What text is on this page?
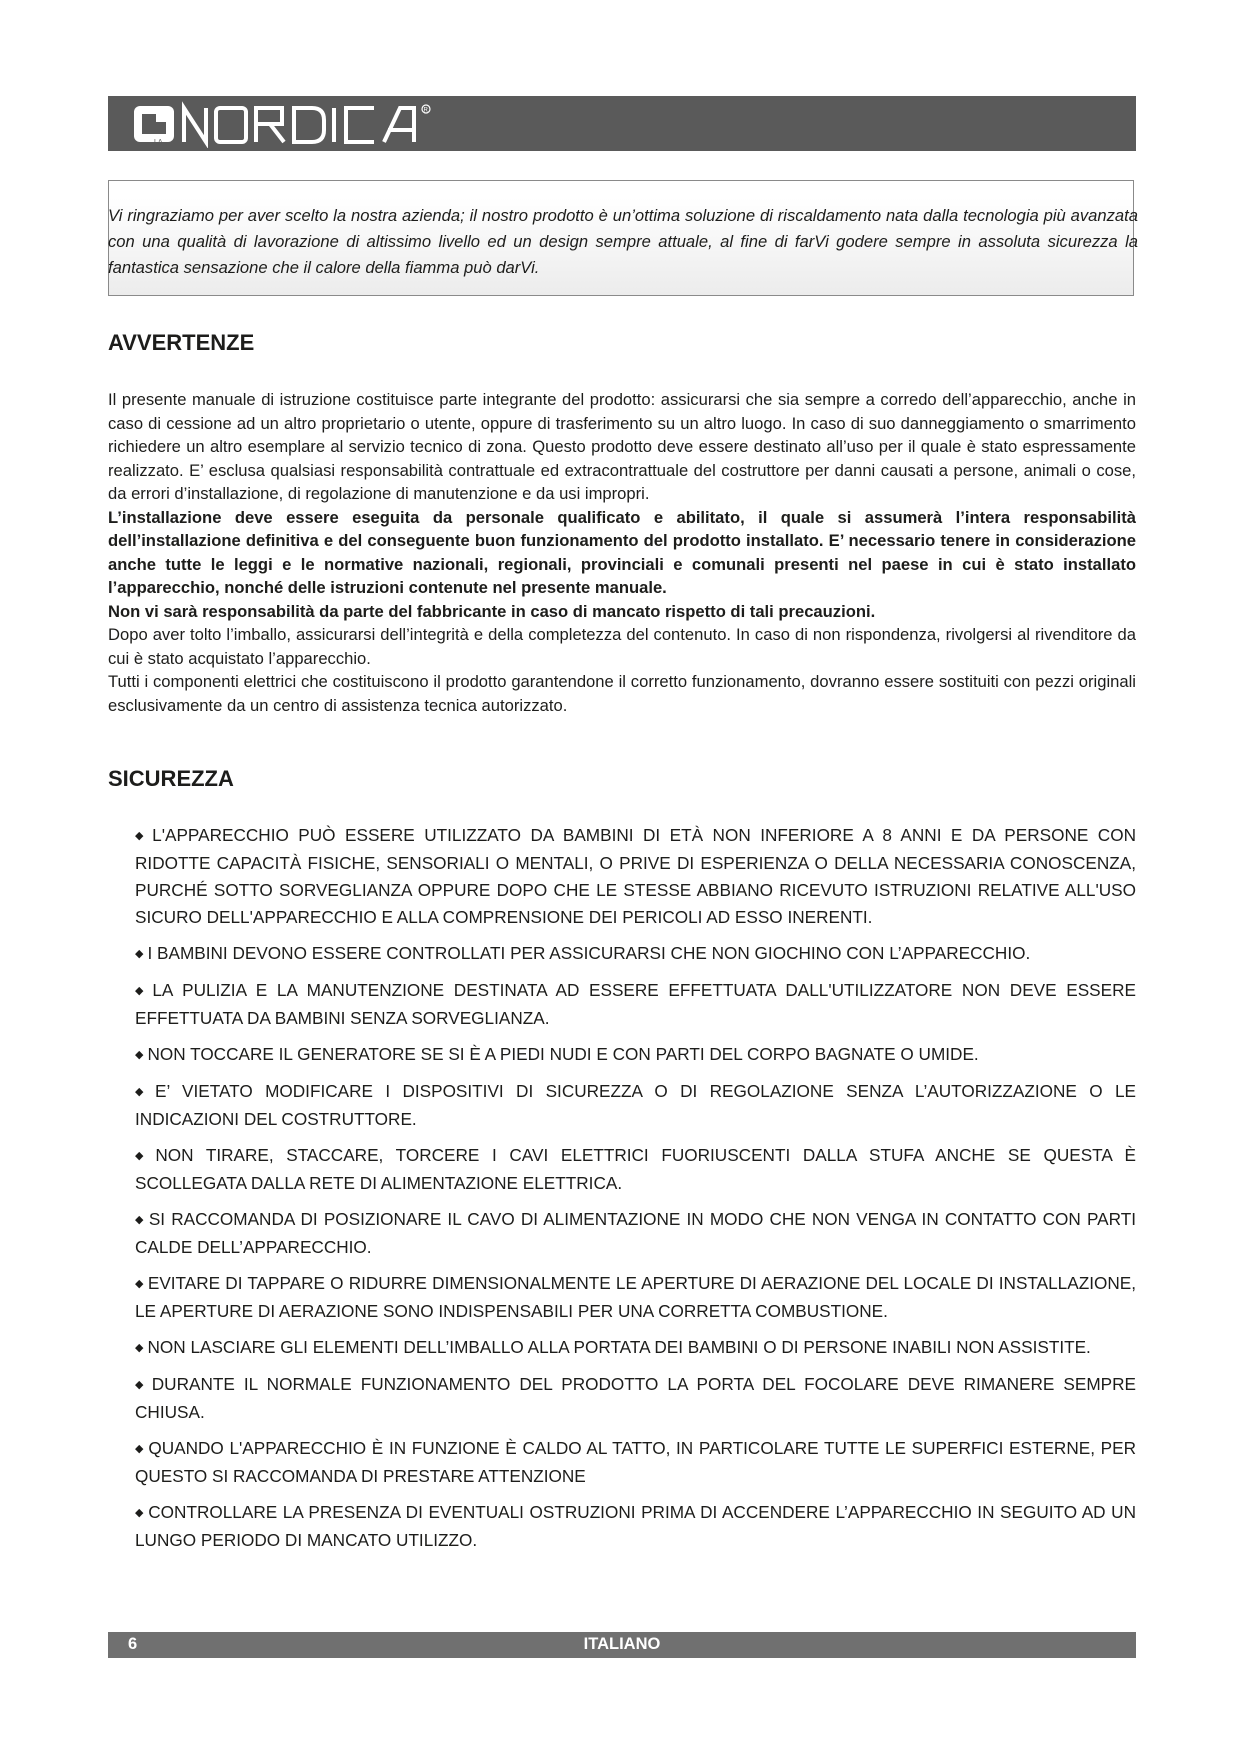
LA
R
Vi ringraziamo per aver scelto la nostra azienda; il nostro prodotto è un’ottima soluzione di riscaldamento nata dalla tecnologia più avanzata con una qualità di lavorazione di altissimo livello ed un design sempre attuale, al fine di farVi godere sempre in assoluta sicurezza la fantastica sensazione che il calore della fiamma può darVi.
AVVERTENZE

Il presente manuale di istruzione costituisce parte integrante del prodotto: assicurarsi che sia sempre a corredo dell’apparecchio, anche in caso di cessione ad un altro proprietario o utente, oppure di trasferimento su un altro luogo. In caso di suo danneggiamento o smarrimento richiedere un altro esemplare al servizio tecnico di zona. Questo prodotto deve essere destinato all’uso per il quale è stato espressamente realizzato. E’ esclusa qualsiasi responsabilità contrattuale ed extracontrattuale del costruttore per danni causati a persone, animali o cose, da errori d’installazione, di regolazione di manutenzione e da usi impropri.

L’installazione deve essere eseguita da personale qualificato e abilitato, il quale si assumerà l’intera responsabilità dell’installazione definitiva e del conseguente buon funzionamento del prodotto installato. E’ necessario tenere in considerazione anche tutte le leggi e le normative nazionali, regionali, provinciali e comunali presenti nel paese in cui è stato installato l’apparecchio, nonché delle istruzioni contenute nel presente manuale.

Non vi sarà responsabilità da parte del fabbricante in caso di mancato rispetto di tali precauzioni.

Dopo aver tolto l’imballo, assicurarsi dell’integrità e della completezza del contenuto. In caso di non rispondenza, rivolgersi al rivenditore da cui è stato acquistato l’apparecchio.

Tutti i componenti elettrici che costituiscono il prodotto garantendone il corretto funzionamento, dovranno essere sostituiti con pezzi originali esclusivamente da un centro di assistenza tecnica autorizzato.

SICUREZZA
◆ L'APPARECCHIO PUÒ ESSERE UTILIZZATO DA BAMBINI DI ETÀ NON INFERIORE A 8 ANNI E DA PERSONE CON RIDOTTE CAPACITÀ FISICHE, SENSORIALI O MENTALI, O PRIVE DI ESPERIENZA O DELLA NECESSARIA CONOSCENZA, PURCHÉ SOTTO SORVEGLIANZA OPPURE DOPO CHE LE STESSE ABBIANO RICEVUTO ISTRUZIONI RELATIVE ALL'USO SICURO DELL'APPARECCHIO E ALLA COMPRENSIONE DEI PERICOLI AD ESSO INERENTI.
◆ I BAMBINI DEVONO ESSERE CONTROLLATI PER ASSICURARSI CHE NON GIOCHINO CON L’APPARECCHIO.
◆ LA PULIZIA E LA MANUTENZIONE DESTINATA AD ESSERE EFFETTUATA DALL'UTILIZZATORE NON DEVE ESSERE EFFETTUATA DA BAMBINI SENZA SORVEGLIANZA.
◆ NON TOCCARE IL GENERATORE SE SI È A PIEDI NUDI E CON PARTI DEL CORPO BAGNATE O UMIDE.
◆ E’ VIETATO MODIFICARE I DISPOSITIVI DI SICUREZZA O DI REGOLAZIONE SENZA L’AUTORIZZAZIONE O LE INDICAZIONI DEL COSTRUTTORE.
◆ NON TIRARE, STACCARE, TORCERE I CAVI ELETTRICI FUORIUSCENTI DALLA STUFA ANCHE SE QUESTA È SCOLLEGATA DALLA RETE DI ALIMENTAZIONE ELETTRICA.
◆ SI RACCOMANDA DI POSIZIONARE IL CAVO DI ALIMENTAZIONE IN MODO CHE NON VENGA IN CONTATTO CON PARTI CALDE DELL’APPARECCHIO.
◆ EVITARE DI TAPPARE O RIDURRE DIMENSIONALMENTE LE APERTURE DI AERAZIONE DEL LOCALE DI INSTALLAZIONE, LE APERTURE DI AERAZIONE SONO INDISPENSABILI PER UNA CORRETTA COMBUSTIONE.
◆ NON LASCIARE GLI ELEMENTI DELL’IMBALLO ALLA PORTATA DEI BAMBINI O DI PERSONE INABILI NON ASSISTITE.
◆ DURANTE IL NORMALE FUNZIONAMENTO DEL PRODOTTO LA PORTA DEL FOCOLARE DEVE RIMANERE SEMPRE CHIUSA.
◆ QUANDO L'APPARECCHIO È IN FUNZIONE È CALDO AL TATTO, IN PARTICOLARE TUTTE LE SUPERFICI ESTERNE, PER QUESTO SI RACCOMANDA DI PRESTARE ATTENZIONE
◆ CONTROLLARE LA PRESENZA DI EVENTUALI OSTRUZIONI PRIMA DI ACCENDERE L’APPARECCHIO IN SEGUITO AD UN LUNGO PERIODO DI MANCATO UTILIZZO.
6	ITALIANO
